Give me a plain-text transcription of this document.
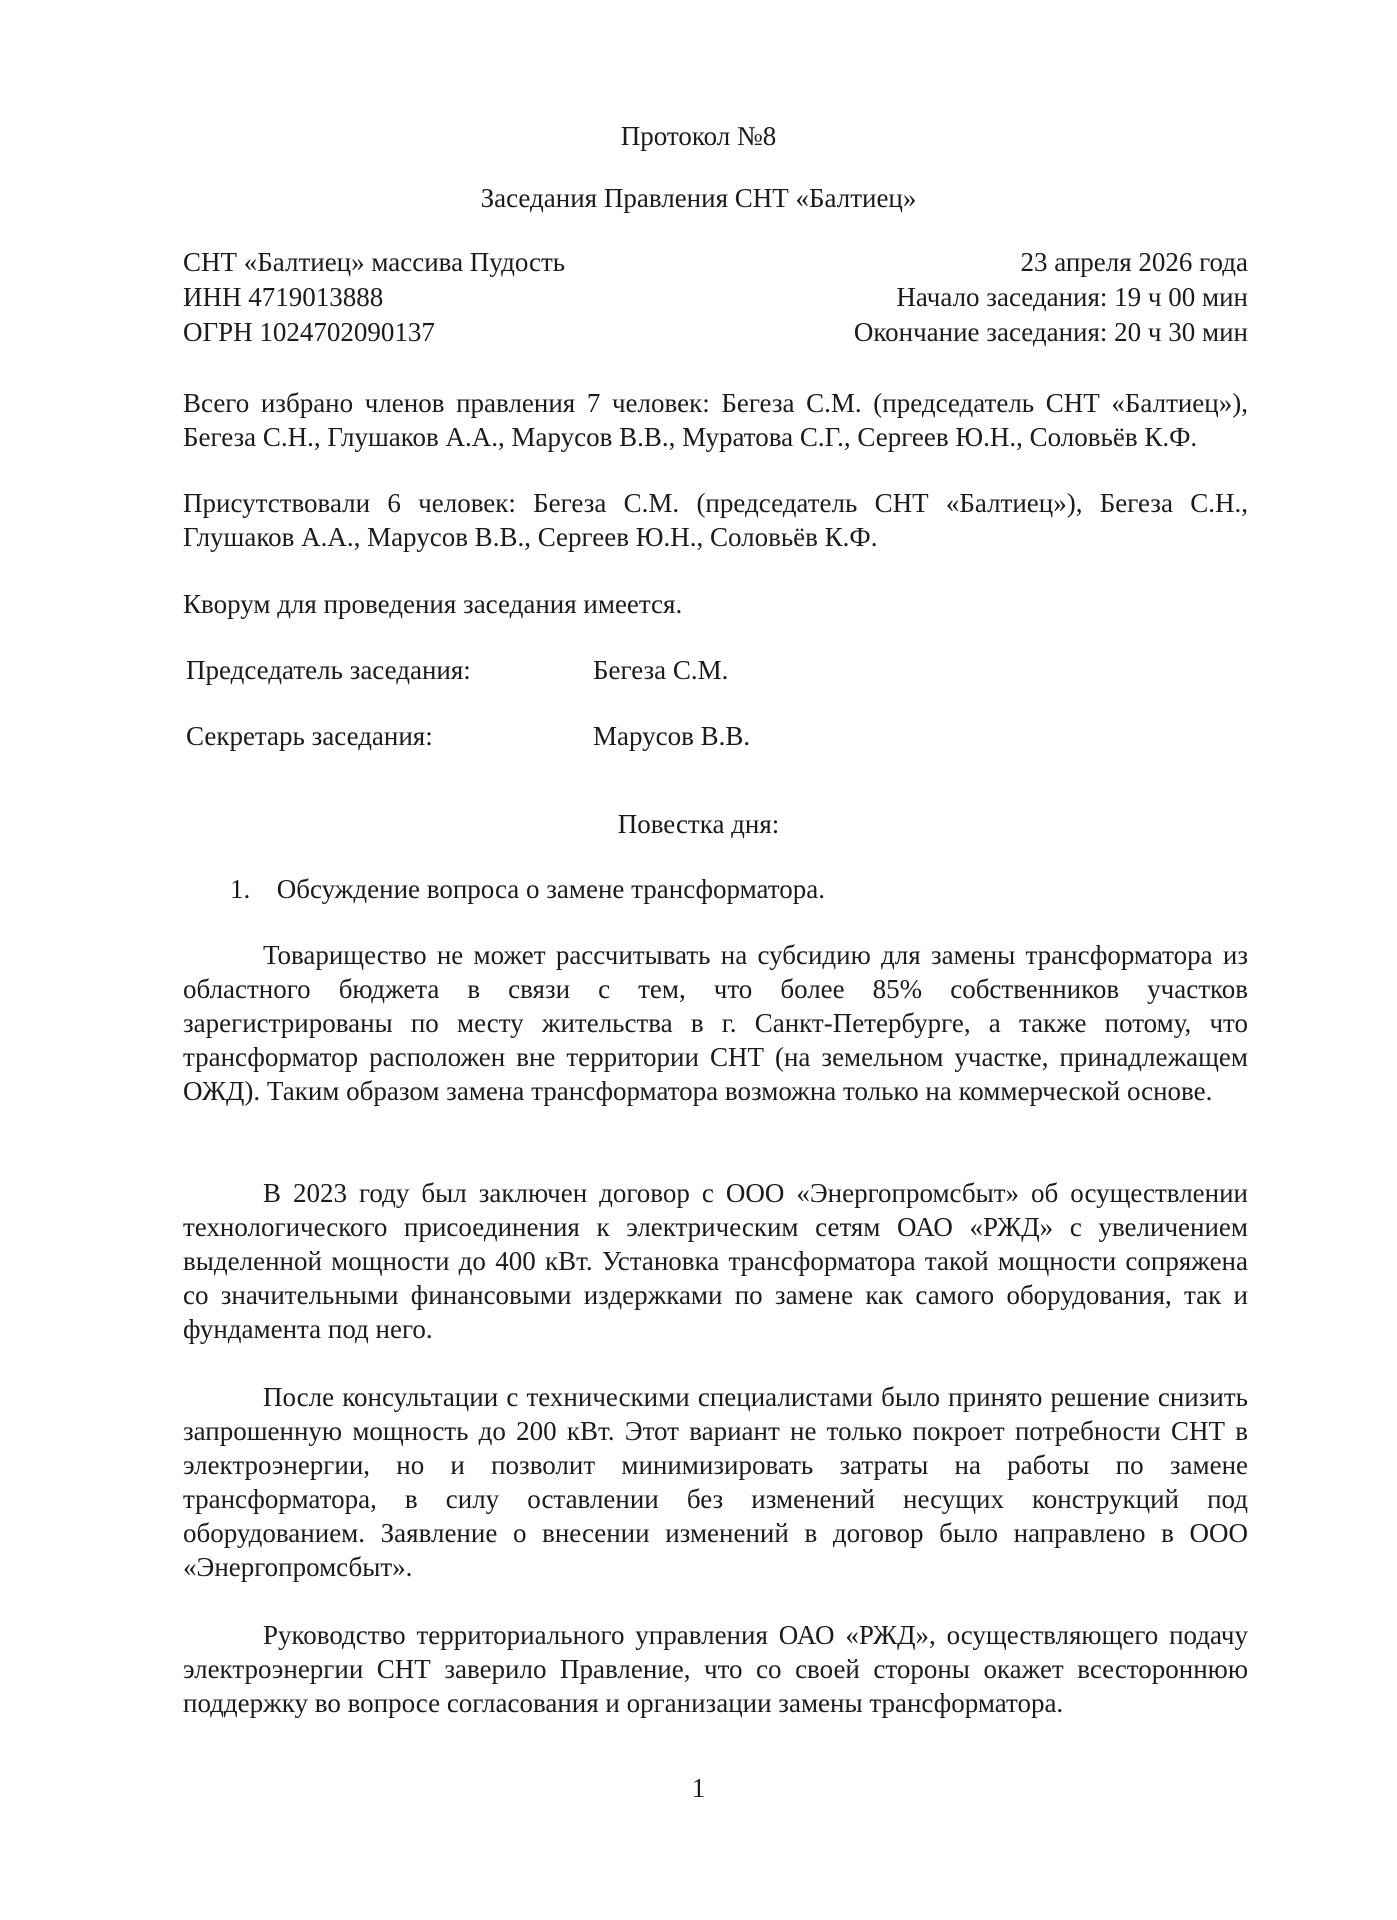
Протокол №8
Заседания Правления СНТ «Балтиец»
СНТ «Балтиец» массива Пудость
ИНН 4719013888
ОГРН 1024702090137
23 апреля 2026 года
Начало заседания: 19 ч 00 мин
Окончание заседания: 20 ч 30 мин
Всего избрано членов правления 7 человек: Бегеза С.М. (председатель СНТ «Балтиец»), Бегеза С.Н., Глушаков А.А., Марусов В.В., Муратова С.Г., Сергеев Ю.Н., Соловьёв К.Ф.
Присутствовали 6 человек: Бегеза С.М. (председатель СНТ «Балтиец»), Бегеза С.Н., Глушаков А.А., Марусов В.В., Сергеев Ю.Н., Соловьёв К.Ф.
Кворум для проведения заседания имеется.
Председатель заседания:	Бегеза С.М.
Секретарь заседания:	Марусов В.В.
Повестка дня:
1. Обсуждение вопроса о замене трансформатора.
Товарищество не может рассчитывать на субсидию для замены трансформатора из областного бюджета в связи с тем, что более 85% собственников участков зарегистрированы по месту жительства в г. Санкт-Петербурге, а также потому, что трансформатор расположен вне территории СНТ (на земельном участке, принадлежащем ОЖД). Таким образом замена трансформатора возможна только на коммерческой основе.
В 2023 году был заключен договор с ООО «Энергопромсбыт» об осуществлении технологического присоединения к электрическим сетям ОАО «РЖД» с увеличением выделенной мощности до 400 кВт. Установка трансформатора такой мощности сопряжена со значительными финансовыми издержками по замене как самого оборудования, так и фундамента под него.
После консультации с техническими специалистами было принято решение снизить запрошенную мощность до 200 кВт. Этот вариант не только покроет потребности СНТ в электроэнергии, но и позволит минимизировать затраты на работы по замене трансформатора, в силу оставлении без изменений несущих конструкций под оборудованием. Заявление о внесении изменений в договор было направлено в ООО «Энергопромсбыт».
Руководство территориального управления ОАО «РЖД», осуществляющего подачу электроэнергии СНТ заверило Правление, что со своей стороны окажет всестороннюю поддержку во вопросе согласования и организации замены трансформатора.
1
